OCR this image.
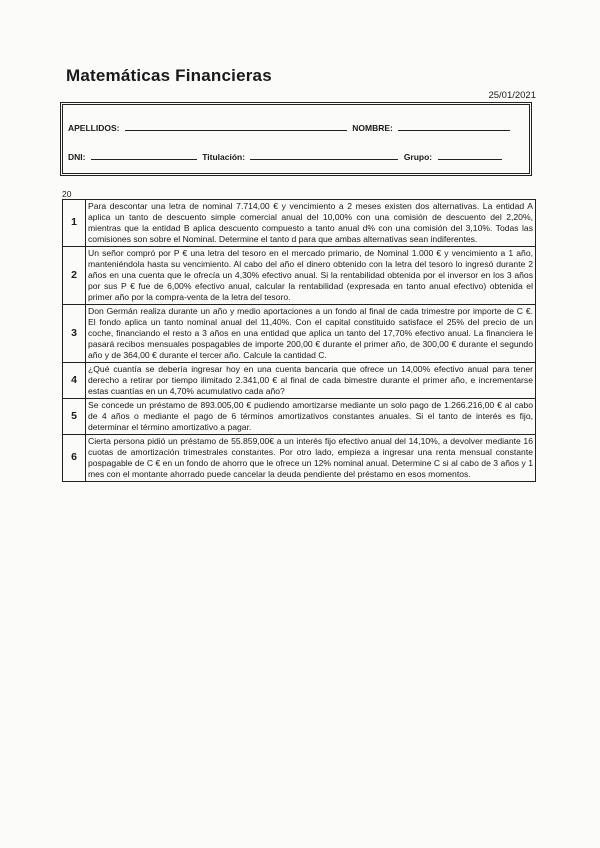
Matemáticas Financieras
25/01/2021
APELLIDOS:	NOMBRE:
DNI:	Titulación:	Grupo:
20
1	Para descontar una letra de nominal 7.714,00 € y vencimiento a 2 meses existen dos alternativas. La entidad A aplica un tanto de descuento simple comercial anual del 10,00% con una comisión de descuento del 2,20%, mientras que la entidad B aplica descuento compuesto a tanto anual d% con una comisión del 3,10%. Todas las comisiones son sobre el Nominal. Determine el tanto d para que ambas alternativas sean indiferentes.
2	Un señor compró por P € una letra del tesoro en el mercado primario, de Nominal 1.000 € y vencimiento a 1 año, manteniéndola hasta su vencimiento. Al cabo del año el dinero obtenido con la letra del tesoro lo ingresó durante 2 años en una cuenta que le ofrecía un 4,30% efectivo anual. Si la rentabilidad obtenida por el inversor en los 3 años por sus P € fue de 6,00% efectivo anual, calcular la rentabilidad (expresada en tanto anual efectivo) obtenida el primer año por la compra-venta de la letra del tesoro.
3	Don Germán realiza durante un año y medio aportaciones a un fondo al final de cada trimestre por importe de C €. El fondo aplica un tanto nominal anual del 11,40%. Con el capital constituido satisface el 25% del precio de un coche, financiando el resto a 3 años en una entidad que aplica un tanto del 17,70% efectivo anual. La financiera le pasará recibos mensuales pospagables de importe 200,00 € durante el primer año, de 300,00 € durante el segundo año y de 364,00 € durante el tercer año. Calcule la cantidad C.
4	¿Qué cuantía se debería ingresar hoy en una cuenta bancaria que ofrece un 14,00% efectivo anual para tener derecho a retirar por tiempo ilimitado 2.341,00 € al final de cada bimestre durante el primer año, e incrementarse estas cuantías en un 4,70% acumulativo cada año?
5	Se concede un préstamo de 893.005,00 € pudiendo amortizarse mediante un solo pago de 1.266.216,00 € al cabo de 4 años o mediante el pago de 6 términos amortizativos constantes anuales. Si el tanto de interés es fijo, determinar el término amortizativo a pagar.
6	Cierta persona pidió un préstamo de 55.859,00€ a un interés fijo efectivo anual del 14,10%, a devolver mediante 16 cuotas de amortización trimestrales constantes. Por otro lado, empieza a ingresar una renta mensual constante pospagable de C € en un fondo de ahorro que le ofrece un 12% nominal anual. Determine C si al cabo de 3 años y 1 mes con el montante ahorrado puede cancelar la deuda pendiente del préstamo en esos momentos.
